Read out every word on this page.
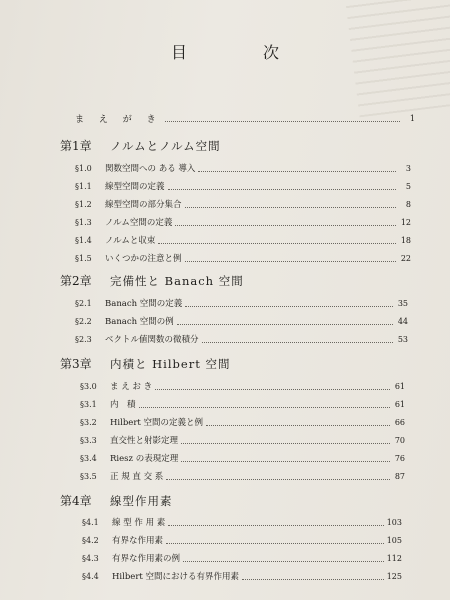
目　次
ま え が き	1
第1章	ノルムとノルム空間
§1.0	関数空間への ある 導入	3
§1.1	線型空間の定義	5
§1.2	線型空間の部分集合	8
§1.3	ノルム空間の定義	12
§1.4	ノルムと収束	18
§1.5	いくつかの注意と例	22
第2章	完備性と Banach 空間
§2.1	Banach 空間の定義	35
§2.2	Banach 空間の例	44
§2.3	ベクトル値関数の微積分	53
第3章	内積と Hilbert 空間
§3.0	ま え お き	61
§3.1	内　積	61
§3.2	Hilbert 空間の定義と例	66
§3.3	直交性と射影定理	70
§3.4	Riesz の表現定理	76
§3.5	正 規 直 交 系	87
第4章	線型作用素
§4.1	線 型 作 用 素	103
§4.2	有界な作用素	105
§4.3	有界な作用素の例	112
§4.4	Hilbert 空間における有界作用素	125
